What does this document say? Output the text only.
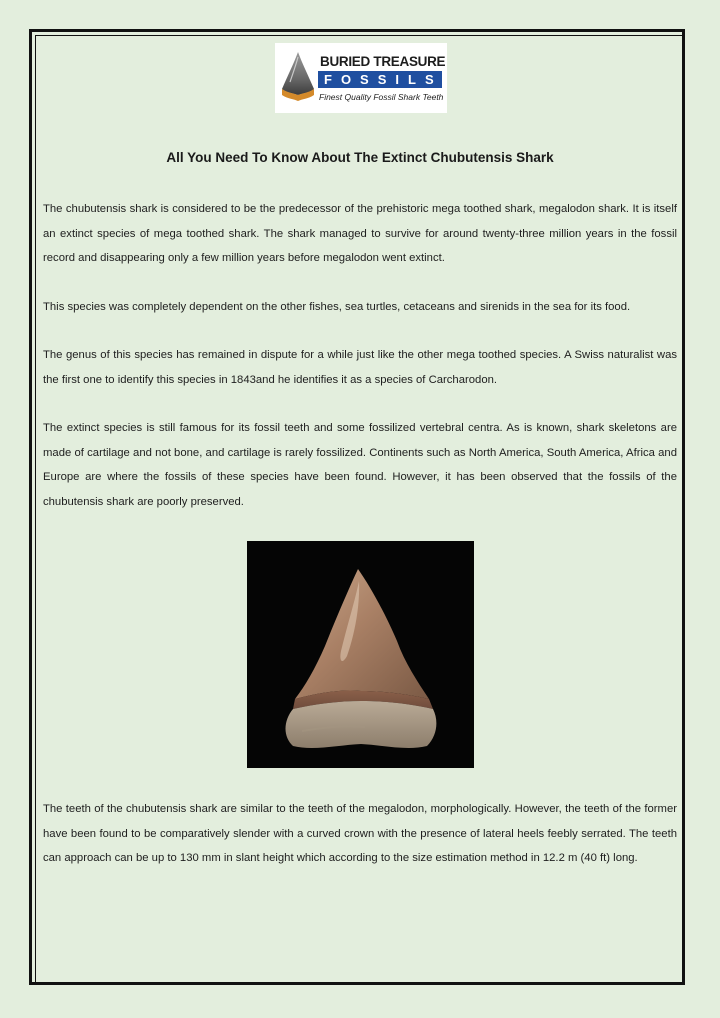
BURIED TREASURE
FOSSILS
Finest Quality Fossil Shark Teeth
All You Need To Know About The Extinct Chubutensis Shark

The chubutensis shark is considered to be the predecessor of the prehistoric mega toothed shark, megalodon shark. It is itself an extinct species of mega toothed shark. The shark managed to survive for around twenty-three million years in the fossil record and disappearing only a few million years before megalodon went extinct.

This species was completely dependent on the other fishes, sea turtles, cetaceans and sirenids in the sea for its food.

The genus of this species has remained in dispute for a while just like the other mega toothed species. A Swiss naturalist was the first one to identify this species in 1843and he identifies it as a species of Carcharodon.

The extinct species is still famous for its fossil teeth and some fossilized vertebral centra. As is known, shark skeletons are made of cartilage and not bone, and cartilage is rarely fossilized. Continents such as North America, South America, Africa and Europe are where the fossils of these species have been found. However, it has been observed that the fossils of the chubutensis shark are poorly preserved.

The teeth of the chubutensis shark are similar to the teeth of the megalodon, morphologically. However, the teeth of the former have been found to be comparatively slender with a curved crown with the presence of lateral heels feebly serrated. The teeth can approach can be up to 130 mm in slant height which according to the size estimation method in 12.2 m (40 ft) long.
